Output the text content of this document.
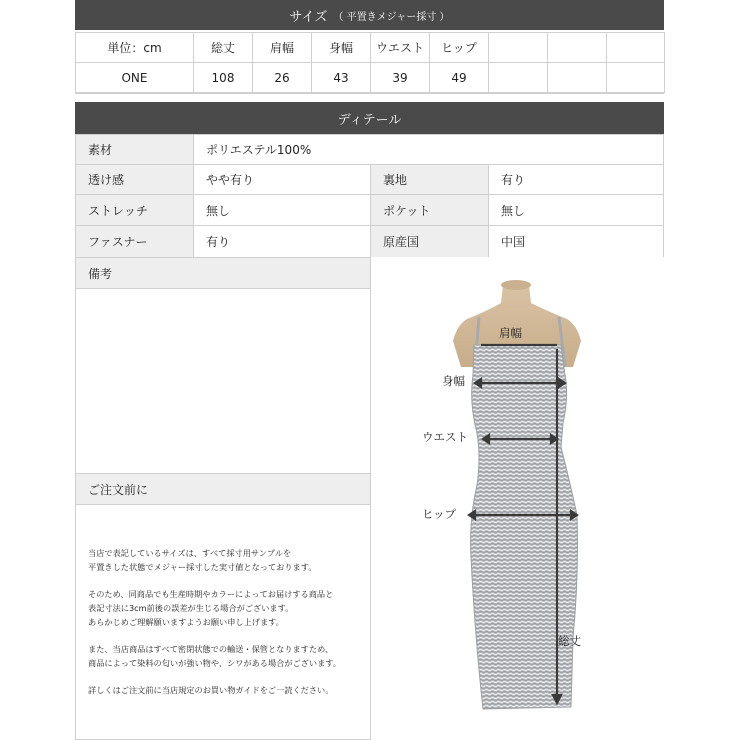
サイズ （ 平置きメジャー採寸 ）
単位：cm	総丈	肩幅	身幅	ウエスト	ヒップ			
ONE	108	26	43	39	49			
ディテール
素材	ポリエステル100%
透け感	やや有り	裏地	有り
ストレッチ	無し	ポケット	無し
ファスナー	有り	原産国	中国
備考
ご注文前に
当店で表記しているサイズは、すべて採寸用サンプルを
平置きした状態でメジャー採寸した実寸値となっております。
そのため、同商品でも生産時期やカラーによってお届けする商品と
表記寸法に3cm前後の誤差が生じる場合がございます。
あらかじめご理解願いますようお願い申し上げます。
また、当店商品はすべて密閉状態での輸送・保管となりますため、
商品によって染料の匂いが強い物や、シワがある場合がございます。
詳しくはご注文前に当店規定のお買い物ガイドをご一読ください。
肩幅
身幅
ウエスト
ヒップ
総丈
